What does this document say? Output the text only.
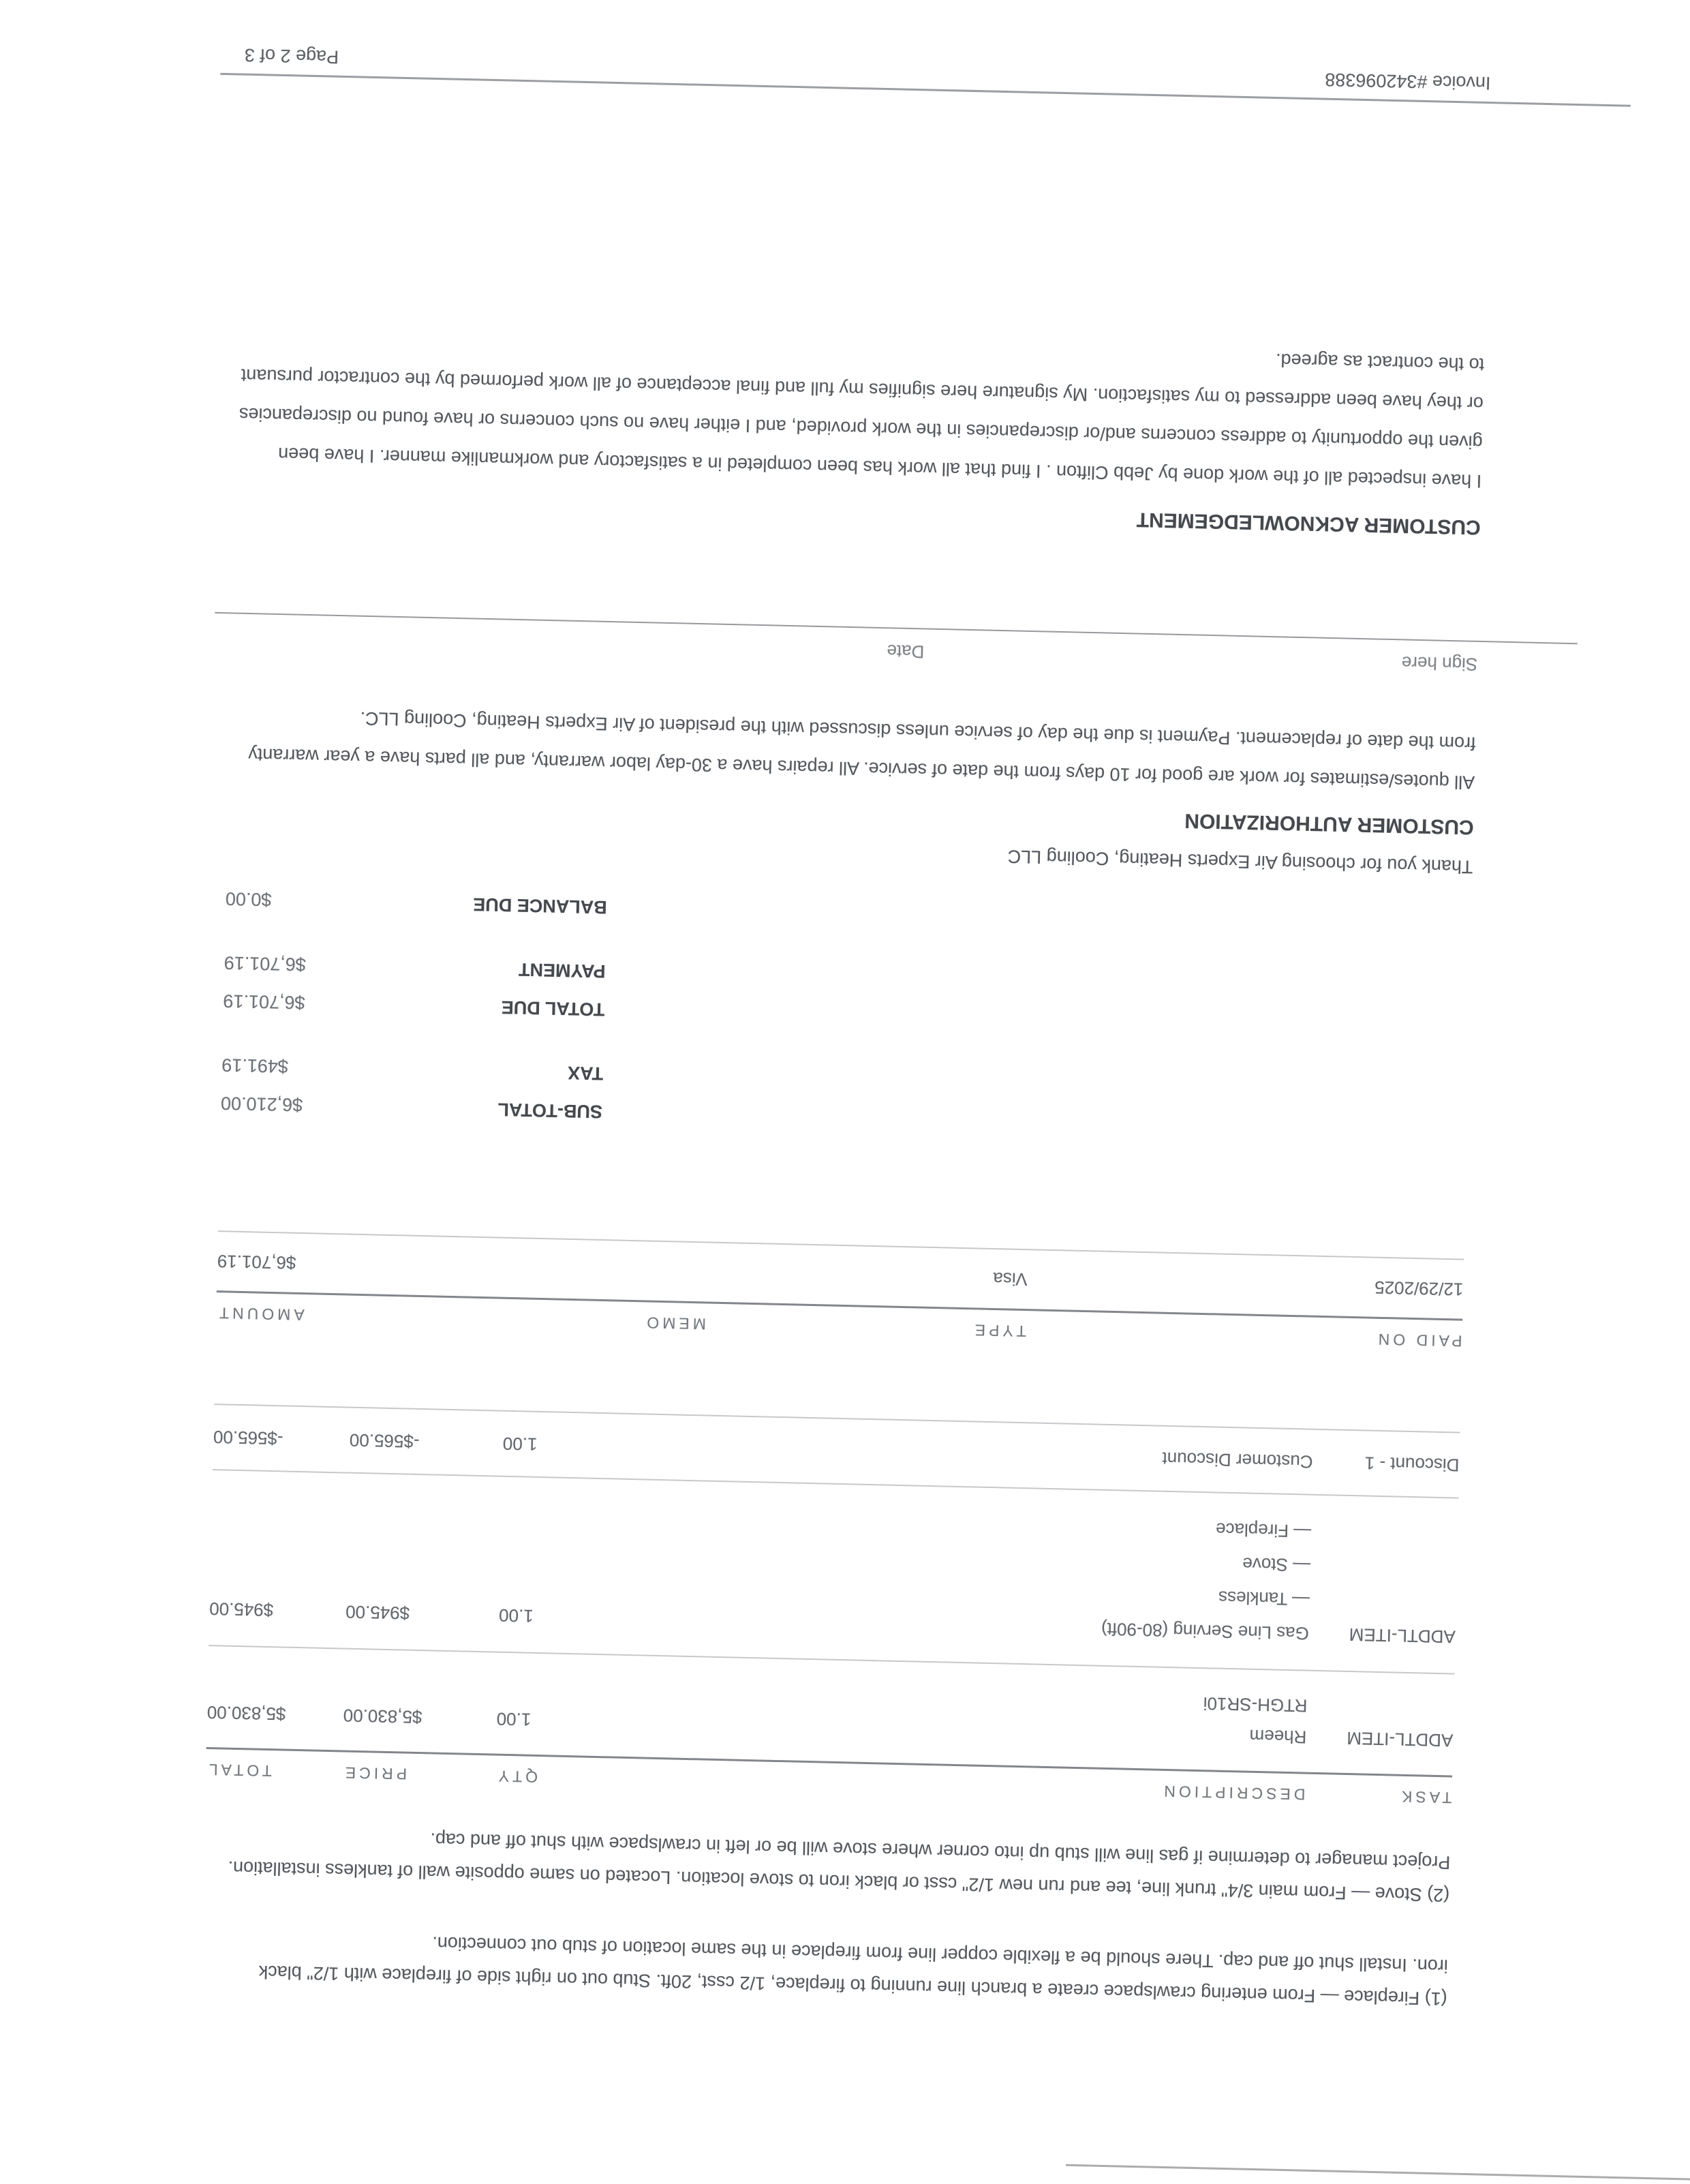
(1) Fireplace — From entering crawlspace create a branch line running to fireplace, 1/2 csst, 20ft. Stub out on right side of fireplace with 1/2" black iron. Install shut off and cap. There should be a flexible copper line from fireplace in the same location of stub out connection.
(2) Stove — From main 3/4" trunk line, tee and run new 1/2" csst or black iron to stove location. Located on same opposite wall of tankless installation. Project manager to determine if gas line will stub up into corner where stove will be or left in crawlspace with shut off and cap.
TASK
DESCRIPTION
QTY
PRICE
TOTAL
ADDTL-ITEM
Rheem
RTGH-SR10i
1.00
$5,830.00
$5,830.00
ADDTL-ITEM
Gas Line Serving (80-90ft)
— Tankless
— Stove
— Fireplace
1.00
$945.00
$945.00
Discount - 1
Customer Discount
1.00
-$565.00
-$565.00
PAID ON
TYPE
MEMO
AMOUNT
12/29/2025
Visa
$6,701.19
SUB-TOTAL
$6,210.00
TAX
$491.19
TOTAL DUE
$6,701.19
PAYMENT
$6,701.19
BALANCE DUE
$0.00
Thank you for choosing Air Experts Heating, Cooling LLC
CUSTOMER AUTHORIZATION
All quotes/estimates for work are good for 10 days from the date of service. All repairs have a 30-day labor warranty, and all parts have a year warranty from the date of replacement. Payment is due the day of service unless discussed with the president of Air Experts Heating, Cooling LLC.
Sign here
Date
CUSTOMER ACKNOWLEDGEMENT
I have inspected all of the work done by Jebb Clifton . I find that all work has been completed in a satisfactory and workmanlike manner. I have been given the opportunity to address concerns and/or discrepancies in the work provided, and I either have no such concerns or have found no discrepancies or they have been addressed to my satisfaction. My signature here signifies my full and final acceptance of all work performed by the contractor pursuant to the contract as agreed.
Invoice #342096388
Page 2 of 3
